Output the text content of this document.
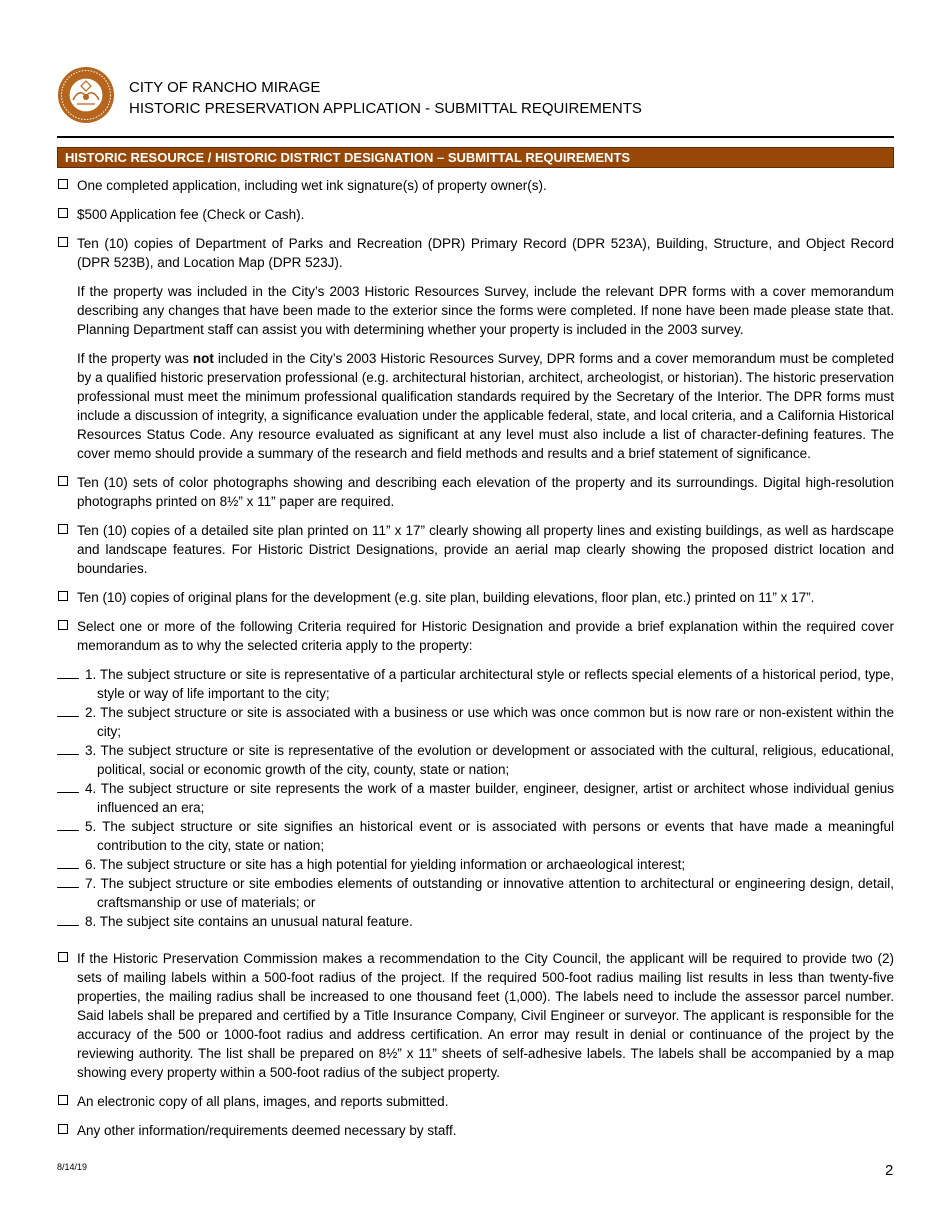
CITY OF RANCHO MIRAGE
HISTORIC PRESERVATION APPLICATION - SUBMITTAL REQUIREMENTS
HISTORIC RESOURCE / HISTORIC DISTRICT DESIGNATION – SUBMITTAL REQUIREMENTS
One completed application, including wet ink signature(s) of property owner(s).
$500 Application fee (Check or Cash).
Ten (10) copies of Department of Parks and Recreation (DPR) Primary Record (DPR 523A), Building, Structure, and Object Record (DPR 523B), and Location Map (DPR 523J).
If the property was included in the City’s 2003 Historic Resources Survey, include the relevant DPR forms with a cover memorandum describing any changes that have been made to the exterior since the forms were completed. If none have been made please state that. Planning Department staff can assist you with determining whether your property is included in the 2003 survey.
If the property was not included in the City’s 2003 Historic Resources Survey, DPR forms and a cover memorandum must be completed by a qualified historic preservation professional (e.g. architectural historian, architect, archeologist, or historian). The historic preservation professional must meet the minimum professional qualification standards required by the Secretary of the Interior. The DPR forms must include a discussion of integrity, a significance evaluation under the applicable federal, state, and local criteria, and a California Historical Resources Status Code. Any resource evaluated as significant at any level must also include a list of character-defining features. The cover memo should provide a summary of the research and field methods and results and a brief statement of significance.
Ten (10) sets of color photographs showing and describing each elevation of the property and its surroundings. Digital high-resolution photographs printed on 8½” x 11” paper are required.
Ten (10) copies of a detailed site plan printed on 11” x 17” clearly showing all property lines and existing buildings, as well as hardscape and landscape features. For Historic District Designations, provide an aerial map clearly showing the proposed district location and boundaries.
Ten (10) copies of original plans for the development (e.g. site plan, building elevations, floor plan, etc.) printed on 11” x 17”.
Select one or more of the following Criteria required for Historic Designation and provide a brief explanation within the required cover memorandum as to why the selected criteria apply to the property:
1. The subject structure or site is representative of a particular architectural style or reflects special elements of a historical period, type, style or way of life important to the city;
2. The subject structure or site is associated with a business or use which was once common but is now rare or non-existent within the city;
3. The subject structure or site is representative of the evolution or development or associated with the cultural, religious, educational, political, social or economic growth of the city, county, state or nation;
4. The subject structure or site represents the work of a master builder, engineer, designer, artist or architect whose individual genius influenced an era;
5. The subject structure or site signifies an historical event or is associated with persons or events that have made a meaningful contribution to the city, state or nation;
6. The subject structure or site has a high potential for yielding information or archaeological interest;
7. The subject structure or site embodies elements of outstanding or innovative attention to architectural or engineering design, detail, craftsmanship or use of materials; or
8. The subject site contains an unusual natural feature.
If the Historic Preservation Commission makes a recommendation to the City Council, the applicant will be required to provide two (2) sets of mailing labels within a 500-foot radius of the project. If the required 500-foot radius mailing list results in less than twenty-five properties, the mailing radius shall be increased to one thousand feet (1,000). The labels need to include the assessor parcel number. Said labels shall be prepared and certified by a Title Insurance Company, Civil Engineer or surveyor. The applicant is responsible for the accuracy of the 500 or 1000-foot radius and address certification. An error may result in denial or continuance of the project by the reviewing authority. The list shall be prepared on 8½” x 11” sheets of self-adhesive labels. The labels shall be accompanied by a map showing every property within a 500-foot radius of the subject property.
An electronic copy of all plans, images, and reports submitted.
Any other information/requirements deemed necessary by staff.
8/14/19	2
